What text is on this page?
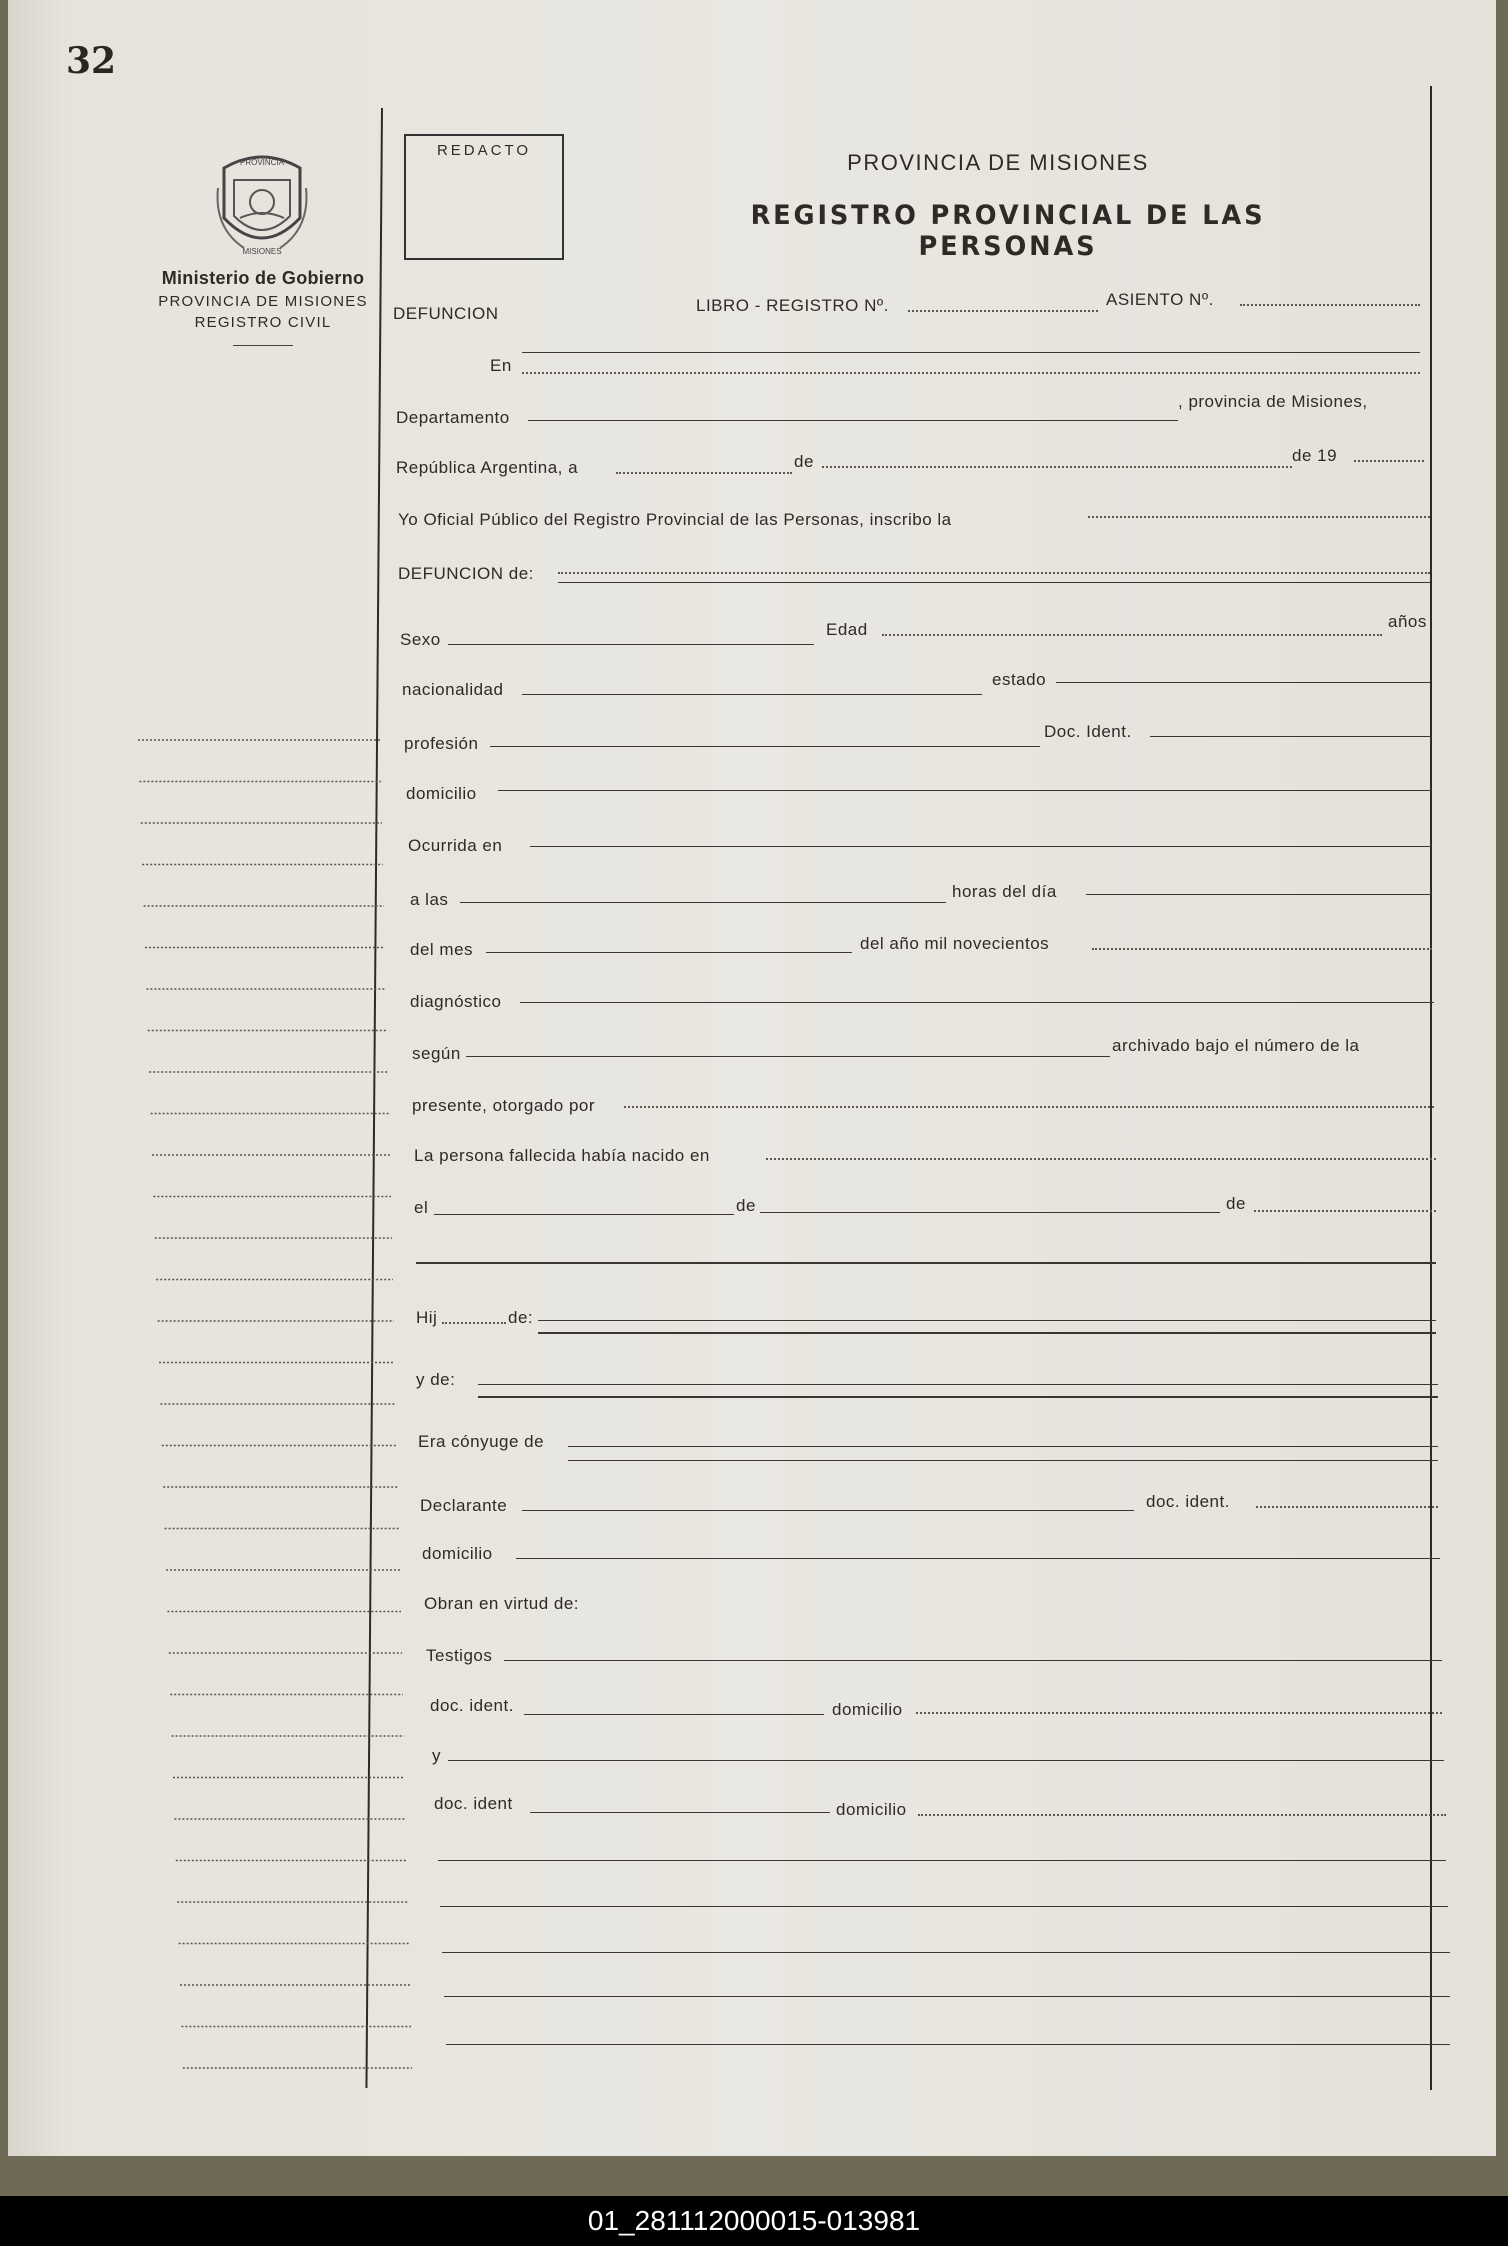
32
PROVINCIA
MISIONES
Ministerio de Gobierno
PROVINCIA DE MISIONES
REGISTRO CIVIL
REDACTO	PROVINCIA DE MISIONES
REGISTRO PROVINCIAL DE LAS PERSONAS
DEFUNCION	LIBRO - REGISTRO Nº.	ASIENTO Nº.
En
Departamento
, provincia de Misiones,
República Argentina, a	de	de 19
Yo Oficial Público del Registro Provincial de las Personas, inscribo la
DEFUNCION de:
Sexo
Edad	años
nacionalidad
estado
profesión
Doc. Ident.
domicilio
Ocurrida en
a las	horas del día
del mes	del año mil novecientos
diagnóstico
según	archivado bajo el número de la
presente, otorgado por
La persona fallecida había nacido en
el	de	de
Hij	de:
y de:
Era cónyuge de
Declarante	doc. ident.
domicilio
Obran en virtud de:
Testigos
doc. ident.	domicilio
y
doc. ident	domicilio
01_281112000015-013981
